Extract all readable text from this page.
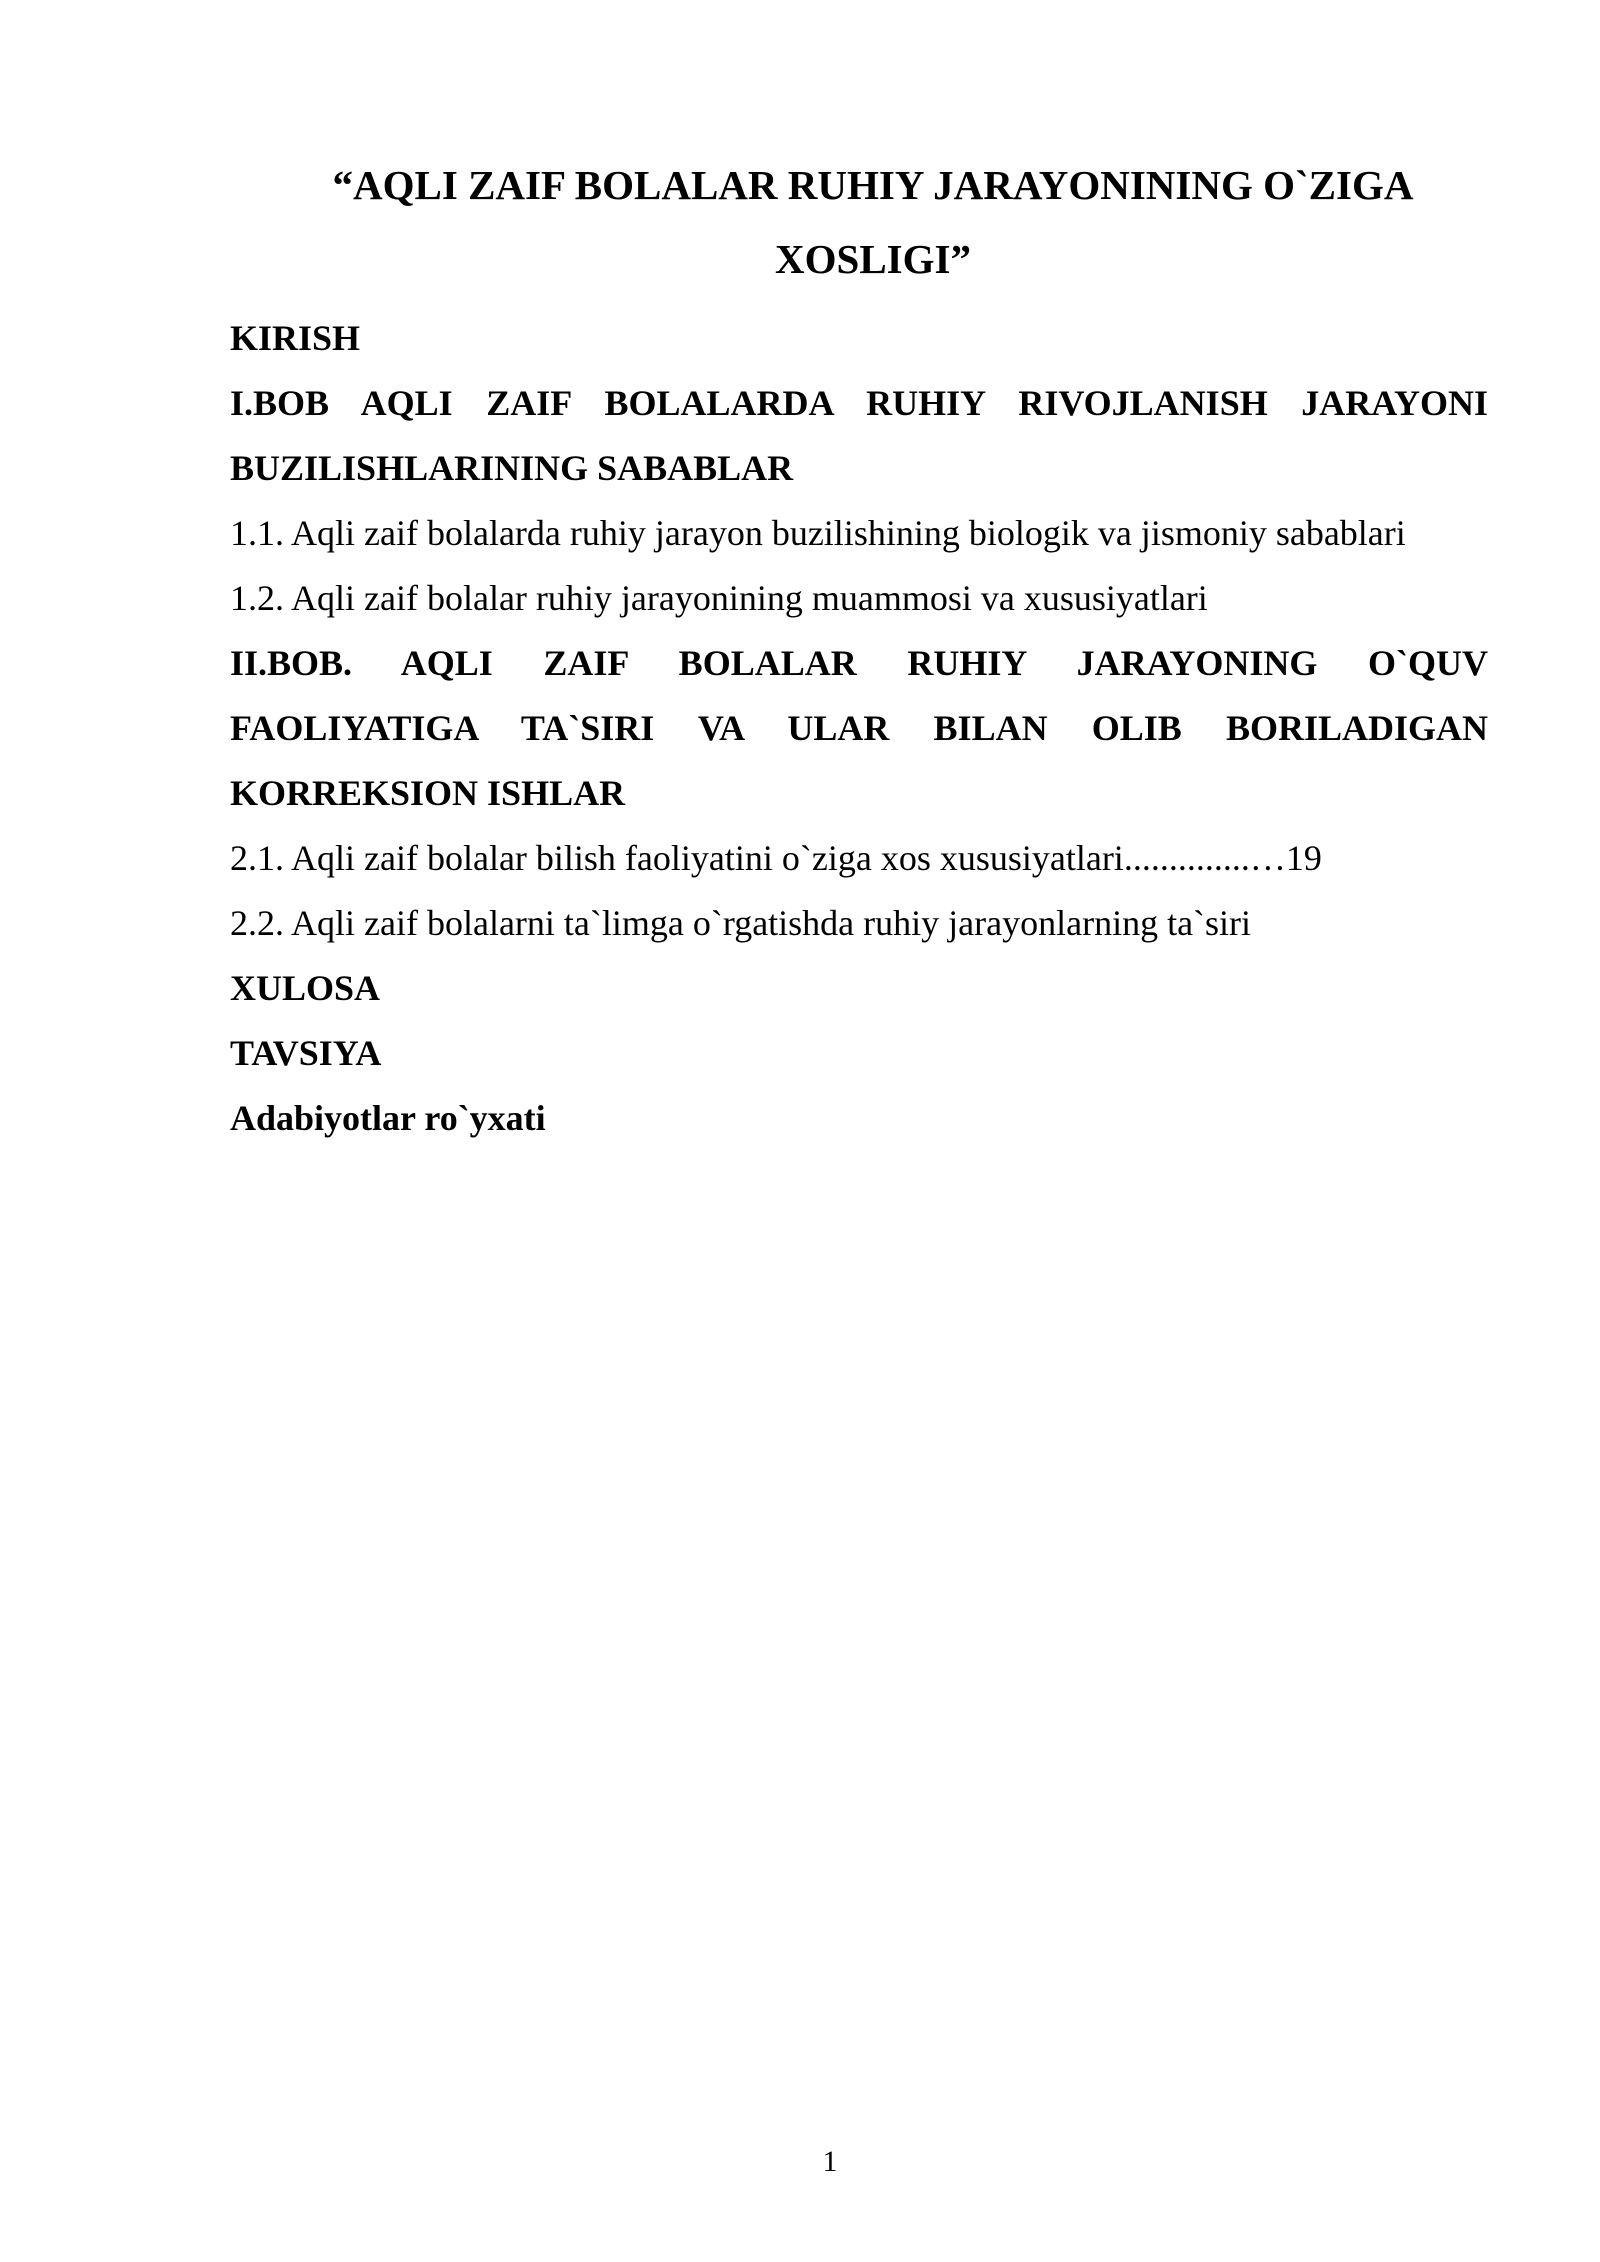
“AQLI ZAIF BOLALAR RUHIY JARAYONINING O`ZIGA XOSLIGI”

KIRISH

I.BOB AQLI ZAIF BOLALARDA RUHIY RIVOJLANISH JARAYONI BUZILISHLARINING SABABLAR

1.1. Aqli zaif bolalarda ruhiy jarayon buzilishining biologik va jismoniy sabablari

1.2. Aqli zaif bolalar ruhiy jarayonining muammosi va xususiyatlari

II.BOB. AQLI ZAIF BOLALAR RUHIY JARAYONING O`QUV FAOLIYATIGA TA`SIRI VA ULAR BILAN OLIB BORILADIGAN KORREKSION ISHLAR

2.1. Aqli zaif bolalar bilish faoliyatini o`ziga xos xususiyatlari..............…19

2.2. Aqli zaif bolalarni ta`limga o`rgatishda ruhiy jarayonlarning ta`siri

XULOSA

TAVSIYA

Adabiyotlar ro`yxati

1
